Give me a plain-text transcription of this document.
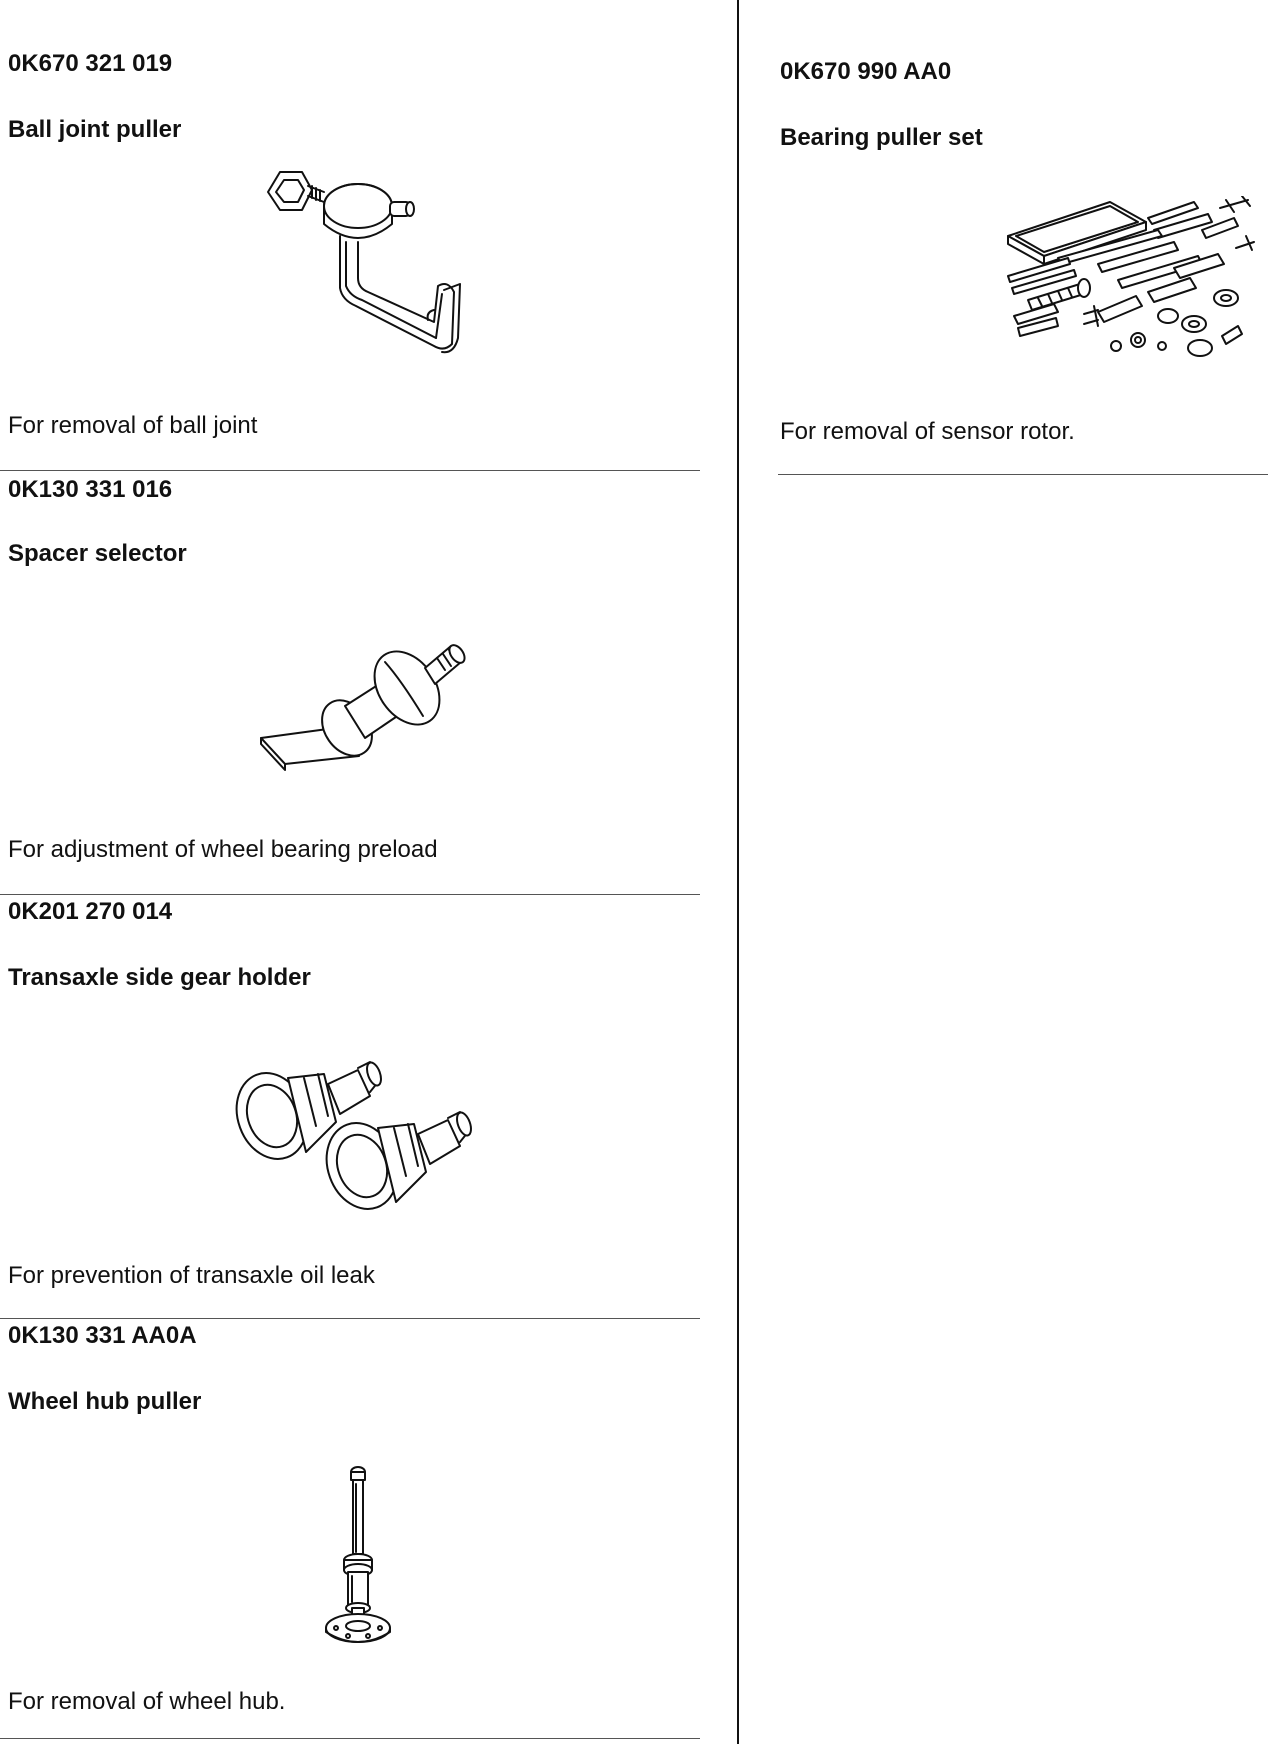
0K670 321 019
Ball joint puller
For removal of ball joint
0K130 331 016
Spacer selector
For adjustment of wheel bearing preload
0K201 270 014
Transaxle side gear holder
For prevention of transaxle oil leak
0K130 331 AA0A
Wheel hub puller
For removal of wheel hub.
0K670 990 AA0
Bearing puller set
For removal of sensor rotor.
